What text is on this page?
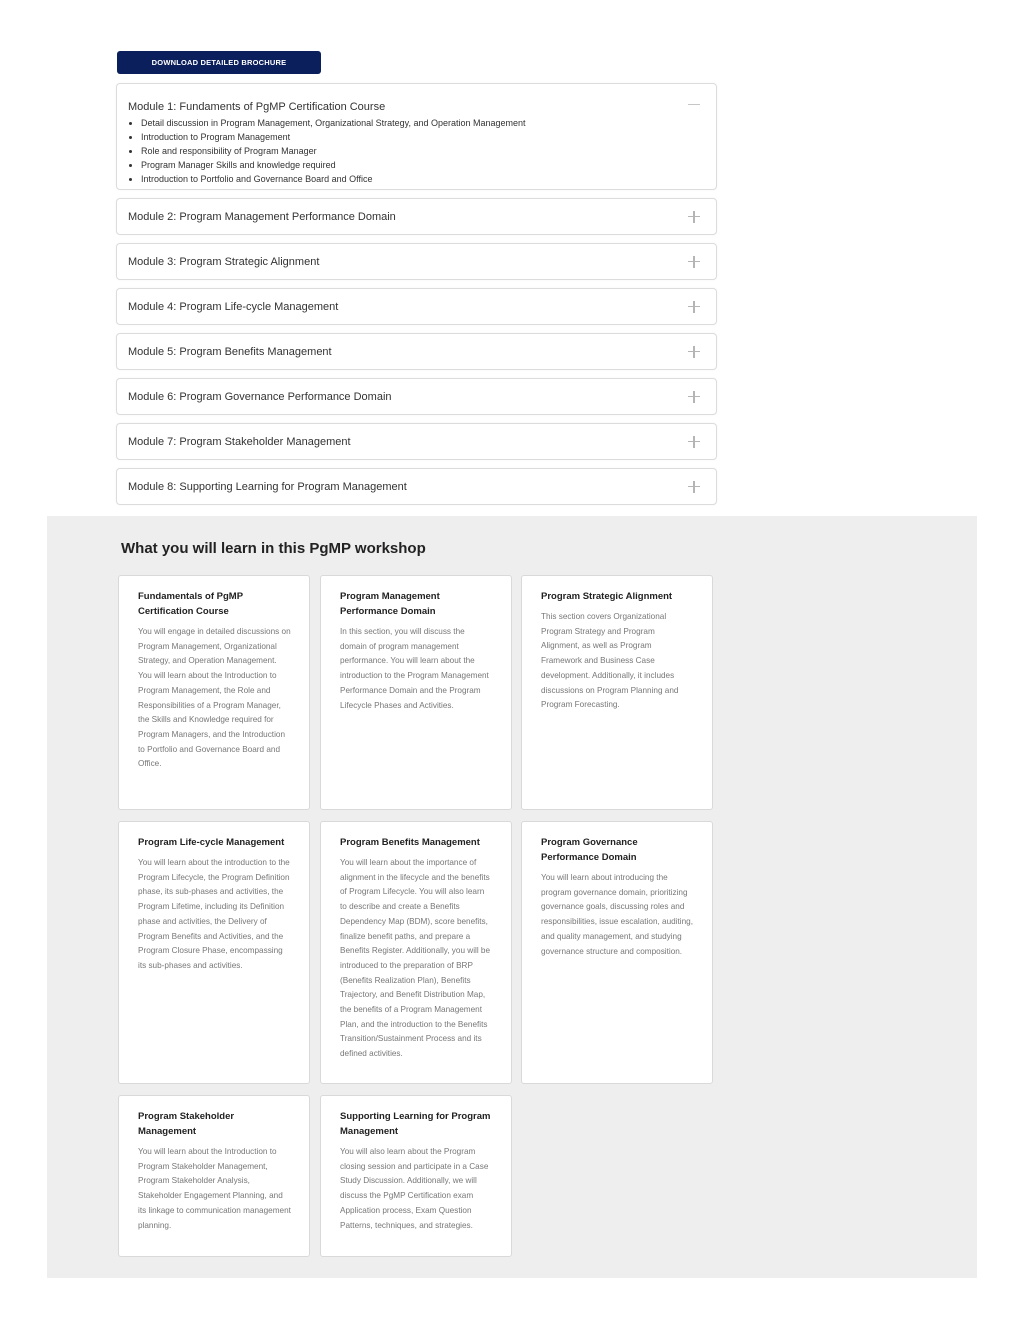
DOWNLOAD DETAILED BROCHURE
Module 1: Fundaments of PgMP Certification Course
• Detail discussion in Program Management, Organizational Strategy, and Operation Management
• Introduction to Program Management
• Role and responsibility of Program Manager
• Program Manager Skills and knowledge required
• Introduction to Portfolio and Governance Board and Office
Module 2: Program Management Performance Domain
Module 3: Program Strategic Alignment
Module 4: Program Life-cycle Management
Module 5: Program Benefits Management
Module 6: Program Governance Performance Domain
Module 7: Program Stakeholder Management
Module 8: Supporting Learning for Program Management
What you will learn in this PgMP workshop
Fundamentals of PgMP Certification Course
You will engage in detailed discussions on Program Management, Organizational Strategy, and Operation Management. You will learn about the Introduction to Program Management, the Role and Responsibilities of a Program Manager, the Skills and Knowledge required for Program Managers, and the Introduction to Portfolio and Governance Board and Office.
Program Management Performance Domain
In this section, you will discuss the domain of program management performance. You will learn about the introduction to the Program Management Performance Domain and the Program Lifecycle Phases and Activities.
Program Strategic Alignment
This section covers Organizational Program Strategy and Program Alignment, as well as Program Framework and Business Case development. Additionally, it includes discussions on Program Planning and Program Forecasting.
Program Life-cycle Management
You will learn about the introduction to the Program Lifecycle, the Program Definition phase, its sub-phases and activities, the Program Lifetime, including its Definition phase and activities, the Delivery of Program Benefits and Activities, and the Program Closure Phase, encompassing its sub-phases and activities.
Program Benefits Management
You will learn about the importance of alignment in the lifecycle and the benefits of Program Lifecycle. You will also learn to describe and create a Benefits Dependency Map (BDM), score benefits, finalize benefit paths, and prepare a Benefits Register. Additionally, you will be introduced to the preparation of BRP (Benefits Realization Plan), Benefits Trajectory, and Benefit Distribution Map, the benefits of a Program Management Plan, and the introduction to the Benefits Transition/Sustainment Process and its defined activities.
Program Governance Performance Domain
You will learn about introducing the program governance domain, prioritizing governance goals, discussing roles and responsibilities, issue escalation, auditing, and quality management, and studying governance structure and composition.
Program Stakeholder Management
You will learn about the Introduction to Program Stakeholder Management, Program Stakeholder Analysis, Stakeholder Engagement Planning, and its linkage to communication management planning.
Supporting Learning for Program Management
You will also learn about the Program closing session and participate in a Case Study Discussion. Additionally, we will discuss the PgMP Certification exam Application process, Exam Question Patterns, techniques, and strategies.
